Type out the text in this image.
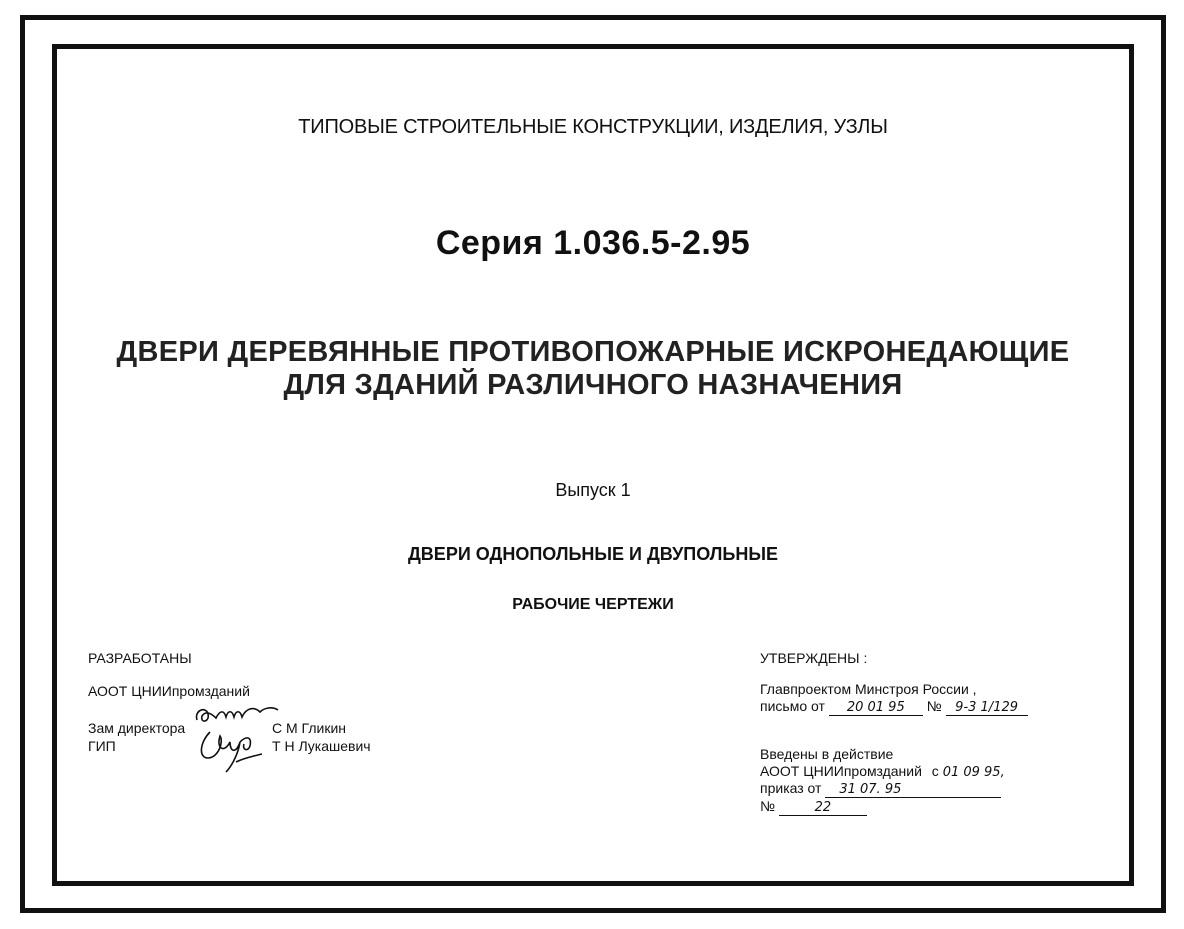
ТИПОВЫЕ СТРОИТЕЛЬНЫЕ КОНСТРУКЦИИ, ИЗДЕЛИЯ, УЗЛЫ
Серия 1.036.5-2.95
ДВЕРИ ДЕРЕВЯННЫЕ ПРОТИВОПОЖАРНЫЕ ИСКРОНЕДАЮЩИЕ
ДЛЯ ЗДАНИЙ РАЗЛИЧНОГО НАЗНАЧЕНИЯ
Выпуск 1
ДВЕРИ ОДНОПОЛЬНЫЕ И ДВУПОЛЬНЫЕ
РАБОЧИЕ ЧЕРТЕЖИ
РАЗРАБОТАНЫ
АООТ ЦНИИпромзданий
Зам директора	С М Гликин
ГИП	Т Н Лукашевич
УТВЕРЖДЕНЫ :
Главпроектом Минстроя России ,
письмо от 20 01 95 № 9-3 1/129
Введены в действие
АООТ ЦНИИпромзданий с 01 09 95,
приказ от 31 07. 95
№	22
